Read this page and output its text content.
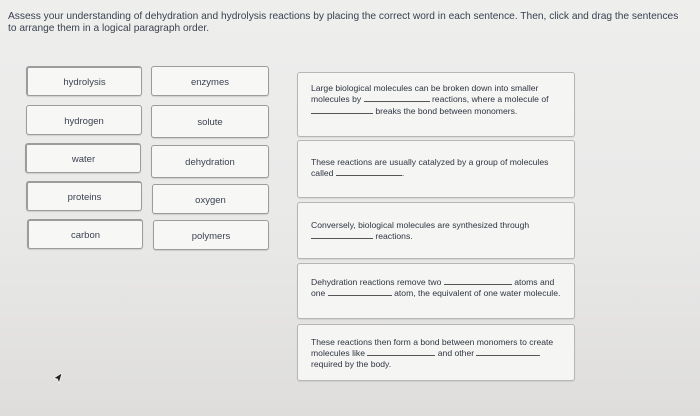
Assess your understanding of dehydration and hydrolysis reactions by placing the correct word in each sentence. Then, click and drag the sentences to arrange them in a logical paragraph order.
hydrolysis
hydrogen
water
proteins
carbon
enzymes
solute
dehydration
oxygen
polymers
Large biological molecules can be broken down into smaller molecules by	reactions, where a molecule of  breaks the bond between monomers.
These reactions are usually catalyzed by a group of molecules called	.
Conversely, biological molecules are synthesized through  reactions.
Dehydration reactions remove two	atoms and one	atom, the equivalent of one water molecule.
These reactions then form a bond between monomers to create molecules like	and other  required by the body.
